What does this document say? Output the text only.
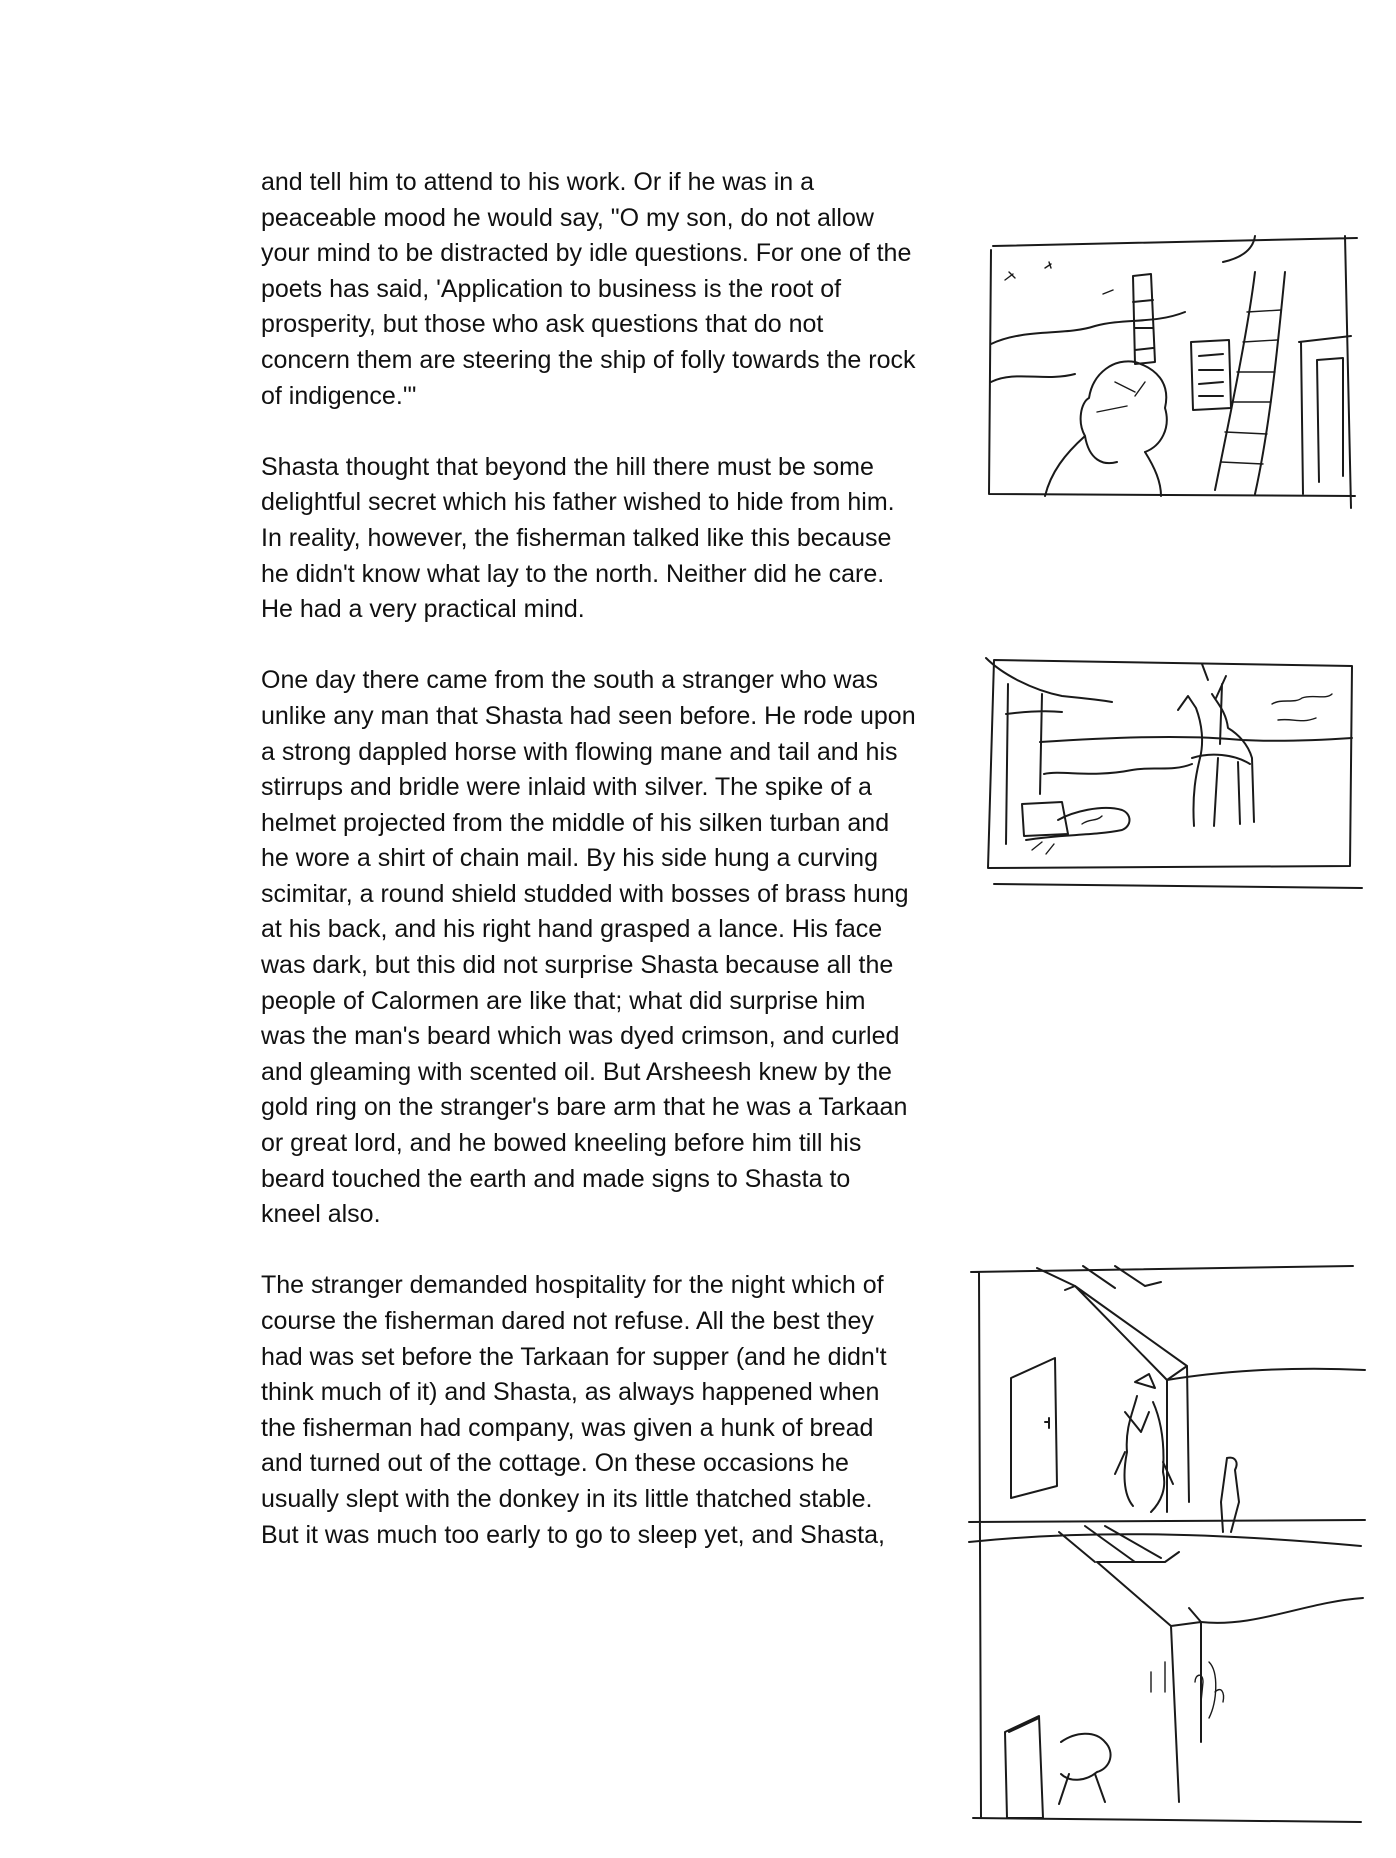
and tell him to attend to his work. Or if he was in a
peaceable mood he would say, "O my son, do not allow
your mind to be distracted by idle questions. For one of the
poets has said, 'Application to business is the root of
prosperity, but those who ask questions that do not
concern them are steering the ship of folly towards the rock
of indigence.'"

Shasta thought that beyond the hill there must be some
delightful secret which his father wished to hide from him.
In reality, however, the fisherman talked like this because
he didn't know what lay to the north. Neither did he care.
He had a very practical mind.

One day there came from the south a stranger who was
unlike any man that Shasta had seen before. He rode upon
a strong dappled horse with flowing mane and tail and his
stirrups and bridle were inlaid with silver. The spike of a
helmet projected from the middle of his silken turban and
he wore a shirt of chain mail. By his side hung a curving
scimitar, a round shield studded with bosses of brass hung
at his back, and his right hand grasped a lance. His face
was dark, but this did not surprise Shasta because all the
people of Calormen are like that; what did surprise him
was the man's beard which was dyed crimson, and curled
and gleaming with scented oil. But Arsheesh knew by the
gold ring on the stranger's bare arm that he was a Tarkaan
or great lord, and he bowed kneeling before him till his
beard touched the earth and made signs to Shasta to
kneel also.

The stranger demanded hospitality for the night which of
course the fisherman dared not refuse. All the best they
had was set before the Tarkaan for supper (and he didn't
think much of it) and Shasta, as always happened when
the fisherman had company, was given a hunk of bread
and turned out of the cottage. On these occasions he
usually slept with the donkey in its little thatched stable.
But it was much too early to go to sleep yet, and Shasta,
